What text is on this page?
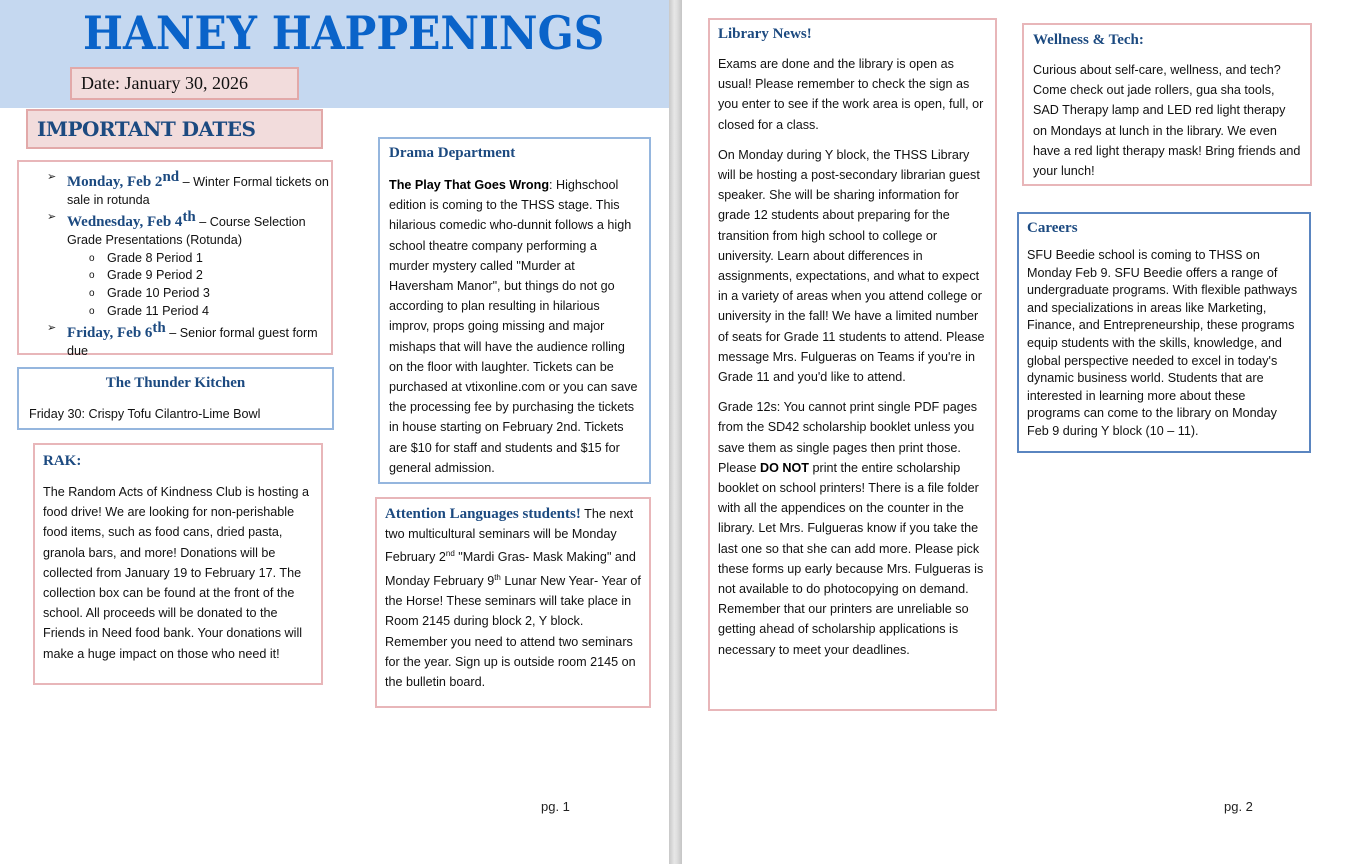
HANEY HAPPENINGS
Date: January 30, 2026
IMPORTANT DATES
➢ Monday, Feb 2nd – Winter Formal tickets on sale in rotunda
➢ Wednesday, Feb 4th – Course Selection Grade Presentations (Rotunda)
o Grade 8 Period 1
o Grade 9 Period 2
o Grade 10 Period 3
o Grade 11 Period 4
➢ Friday, Feb 6th – Senior formal guest form due
The Thunder Kitchen

Friday 30: Crispy Tofu Cilantro-Lime Bowl

RAK:

The Random Acts of Kindness Club is hosting a food drive! We are looking for non-perishable food items, such as food cans, dried pasta, granola bars, and more! Donations will be collected from January 19 to February 17. The collection box can be found at the front of the school. All proceeds will be donated to the Friends in Need food bank. Your donations will make a huge impact on those who need it!

Drama Department

The Play That Goes Wrong: Highschool edition is coming to the THSS stage. This hilarious comedic who-dunnit follows a high school theatre company performing a murder mystery called "Murder at Haversham Manor", but things do not go according to plan resulting in hilarious improv, props going missing and major mishaps that will have the audience rolling on the floor with laughter. Tickets can be purchased at vtixonline.com or you can save the processing fee by purchasing the tickets in house starting on February 2nd. Tickets are $10 for staff and students and $15 for general admission.

Attention Languages students! The next two multicultural seminars will be Monday February 2nd "Mardi Gras- Mask Making" and Monday February 9th Lunar New Year- Year of the Horse! These seminars will take place in Room 2145 during block 2, Y block. Remember you need to attend two seminars for the year. Sign up is outside room 2145 on the bulletin board.

pg. 1
Library News!

Exams are done and the library is open as usual! Please remember to check the sign as you enter to see if the work area is open, full, or closed for a class.

On Monday during Y block, the THSS Library will be hosting a post-secondary librarian guest speaker. She will be sharing information for grade 12 students about preparing for the transition from high school to college or university. Learn about differences in assignments, expectations, and what to expect in a variety of areas when you attend college or university in the fall! We have a limited number of seats for Grade 11 students to attend. Please message Mrs. Fulgueras on Teams if you're in Grade 11 and you'd like to attend.

Grade 12s: You cannot print single PDF pages from the SD42 scholarship booklet unless you save them as single pages then print those. Please DO NOT print the entire scholarship booklet on school printers! There is a file folder with all the appendices on the counter in the library. Let Mrs. Fulgueras know if you take the last one so that she can add more. Please pick these forms up early because Mrs. Fulgueras is not available to do photocopying on demand. Remember that our printers are unreliable so getting ahead of scholarship applications is necessary to meet your deadlines.

Wellness & Tech:

Curious about self-care, wellness, and tech? Come check out jade rollers, gua sha tools, SAD Therapy lamp and LED red light therapy on Mondays at lunch in the library. We even have a red light therapy mask! Bring friends and your lunch!

Careers

SFU Beedie school is coming to THSS on Monday Feb 9. SFU Beedie offers a range of undergraduate programs. With flexible pathways and specializations in areas like Marketing, Finance, and Entrepreneurship, these programs equip students with the skills, knowledge, and global perspective needed to excel in today's dynamic business world. Students that are interested in learning more about these programs can come to the library on Monday Feb 9 during Y block (10 – 11).

pg. 2
